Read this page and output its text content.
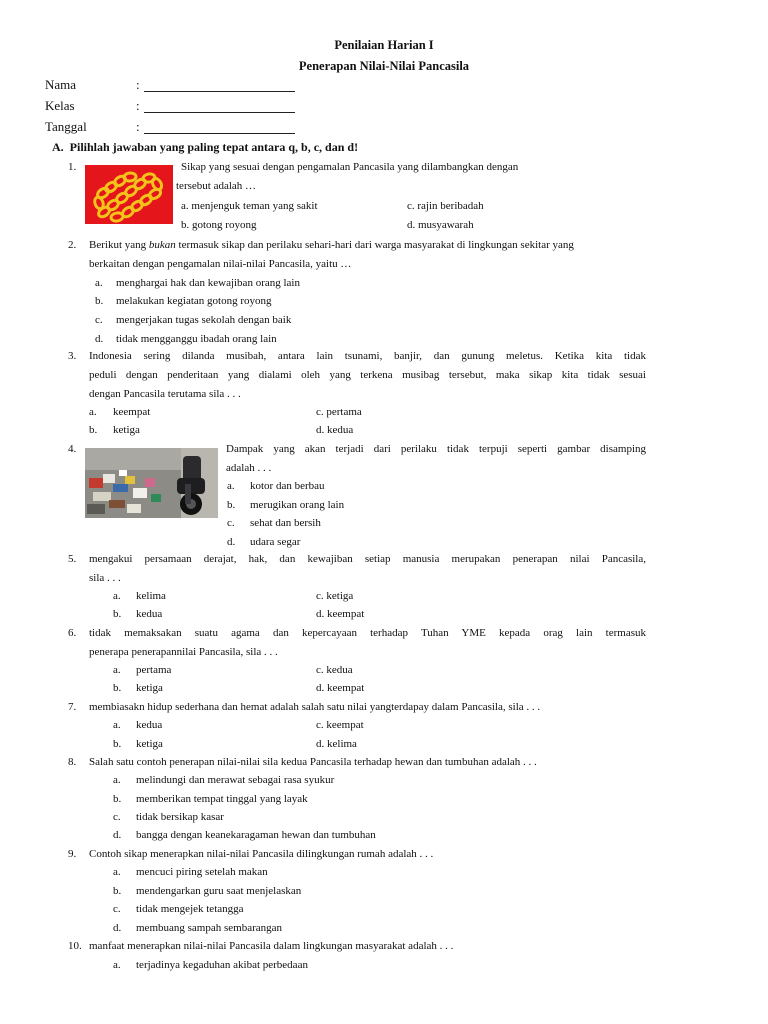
Penilaian Harian I
Penerapan Nilai-Nilai Pancasila
Nama	:
Kelas	:
Tanggal	:
A.  Pilihlah jawaban yang paling tepat antara q, b, c, dan d!
1.	Sikap yang sesuai dengan pengamalan Pancasila yang dilambangkan dengan
tersebut adalah …
a. menjenguk teman yang sakit	c. rajin beribadah
b. gotong royong	d. musyawarah
2. Berikut yang bukan termasuk sikap dan perilaku sehari-hari dari warga masyarakat di lingkungan sekitar yang
berkaitan dengan pengamalan nilai-nilai Pancasila, yaitu …
a. menghargai hak dan kewajiban orang lain
b. melakukan kegiatan gotong royong
c. mengerjakan tugas sekolah dengan baik
d. tidak mengganggu ibadah orang lain
3. Indonesia sering dilanda musibah, antara lain tsunami, banjir, dan gunung meletus. Ketika kita tidak
peduli dengan penderitaan yang dialami oleh yang terkena musibag tersebut, maka sikap kita tidak sesuai
dengan Pancasila terutama sila . . .
a. keempat	c. pertama
b. ketiga	d. kedua
4.	Dampak yang akan terjadi dari perilaku tidak terpuji seperti gambar disamping
adalah . . .
a. kotor dan berbau
b. merugikan orang lain
c. sehat dan bersih
d. udara segar
5. mengakui persamaan derajat, hak, dan kewajiban setiap manusia merupakan penerapan nilai Pancasila,
sila . . .
a. kelima	c. ketiga
b. kedua	d. keempat
6. tidak memaksakan suatu agama dan kepercayaan terhadap Tuhan YME kepada orag lain termasuk
penerapa penerapannilai Pancasila, sila . . .
a. pertama	c. kedua
b. ketiga	d. keempat
7. membiasakn hidup sederhana dan hemat adalah salah satu nilai yangterdapay dalam Pancasila, sila . . .
a. kedua	c. keempat
b. ketiga	d. kelima
8. Salah satu contoh penerapan nilai-nilai sila kedua Pancasila terhadap hewan dan tumbuhan adalah . . .
a. melindungi dan merawat sebagai rasa syukur
b. memberikan tempat tinggal yang layak
c. tidak bersikap kasar
d. bangga dengan keanekaragaman hewan dan tumbuhan
9. Contoh sikap menerapkan nilai-nilai Pancasila dilingkungan rumah adalah . . .
a. mencuci piring setelah makan
b. mendengarkan guru saat menjelaskan
c. tidak mengejek tetangga
d. membuang sampah sembarangan
10. manfaat menerapkan nilai-nilai Pancasila dalam lingkungan masyarakat adalah . . .
a. terjadinya kegaduhan akibat perbedaan
